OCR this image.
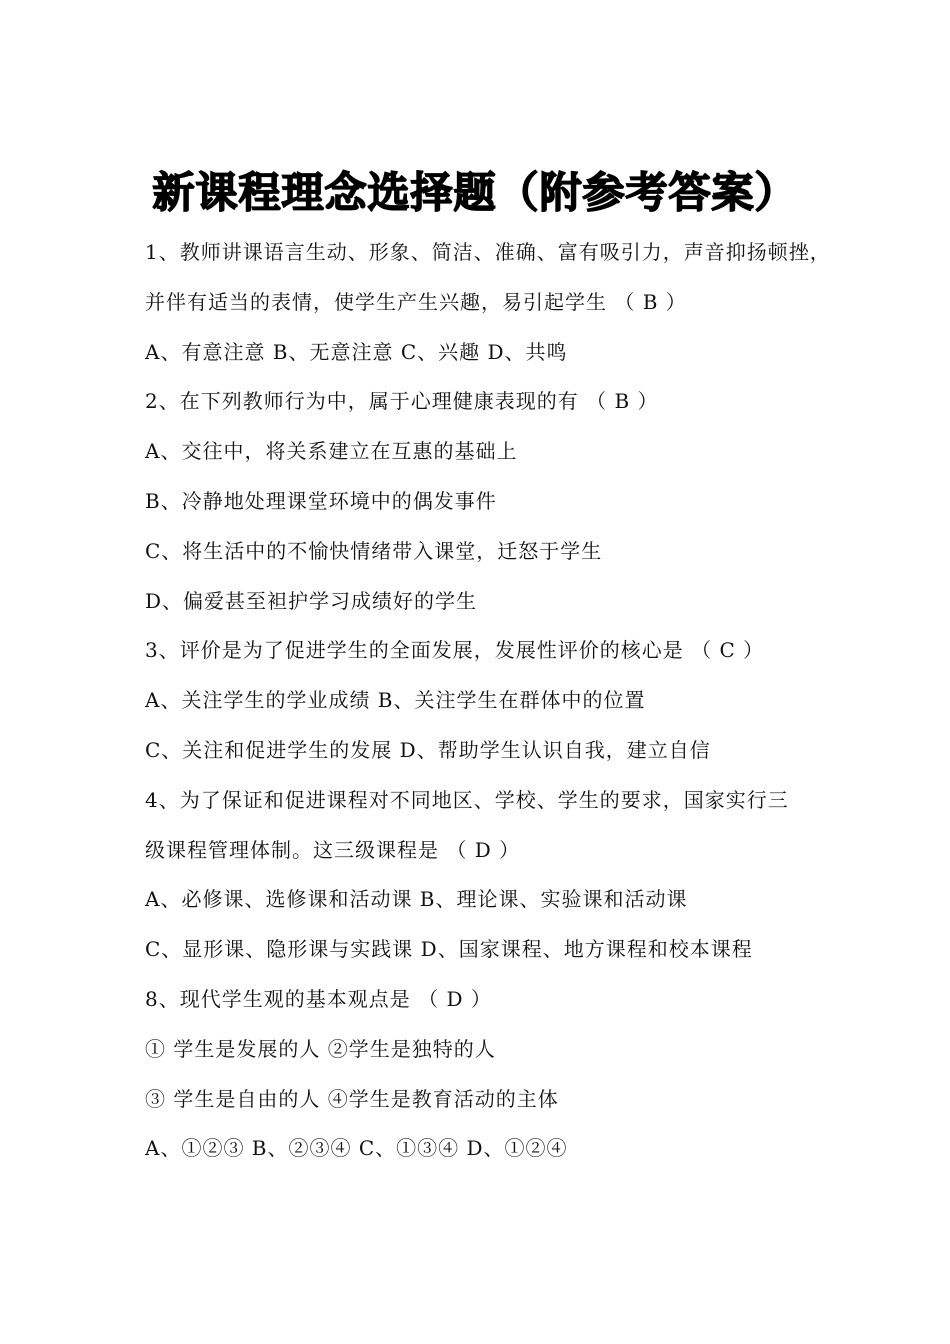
新课程理念选择题（附参考答案）
1、教师讲课语言生动、形象、简洁、准确、富有吸引力，声音抑扬顿挫，
并伴有适当的表情，使学生产生兴趣，易引起学生 （ B ）
A、有意注意 B、无意注意 C、兴趣 D、共鸣
2、在下列教师行为中，属于心理健康表现的有 （ B ）
A、交往中，将关系建立在互惠的基础上
B、冷静地处理课堂环境中的偶发事件
C、将生活中的不愉快情绪带入课堂，迁怒于学生
D、偏爱甚至袒护学习成绩好的学生
3、评价是为了促进学生的全面发展，发展性评价的核心是 （ C ）
A、关注学生的学业成绩 B、关注学生在群体中的位置
C、关注和促进学生的发展 D、帮助学生认识自我，建立自信
4、为了保证和促进课程对不同地区、学校、学生的要求，国家实行三
级课程管理体制。这三级课程是 （ D ）
A、必修课、选修课和活动课 B、理论课、实验课和活动课
C、显形课、隐形课与实践课 D、国家课程、地方课程和校本课程
8、现代学生观的基本观点是 （ D ）
① 学生是发展的人 ②学生是独特的人
③ 学生是自由的人 ④学生是教育活动的主体
A、①②③ B、②③④ C、①③④ D、①②④
